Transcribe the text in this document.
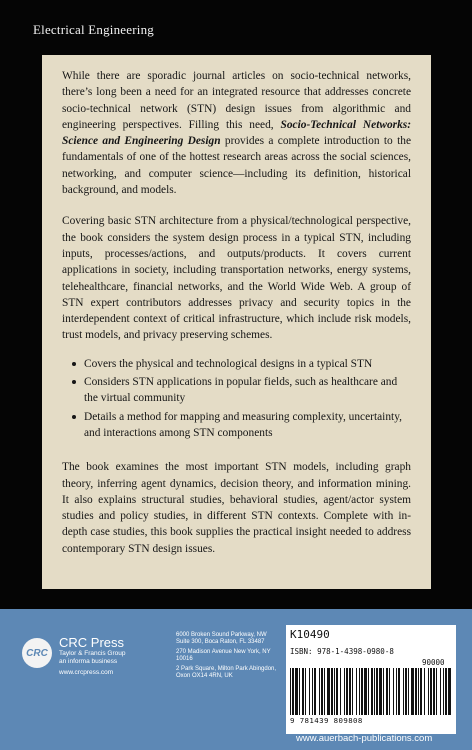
Electrical Engineering

While there are sporadic journal articles on socio-technical networks, there’s long been a need for an integrated resource that addresses concrete socio-technical network (STN) design issues from algorithmic and engineering perspectives. Filling this need, Socio-Technical Networks: Science and Engineering Design provides a complete introduction to the fundamentals of one of the hottest research areas across the social sciences, networking, and computer science—including its definition, historical background, and models.

Covering basic STN architecture from a physical/technological perspective, the book considers the system design process in a typical STN, including inputs, processes/actions, and outputs/products. It covers current applications in society, including transportation networks, energy systems, telehealthcare, financial networks, and the World Wide Web. A group of STN expert contributors addresses privacy and security topics in the interdependent context of critical infrastructure, which include risk models, trust models, and privacy preserving schemes.

Covers the physical and technological designs in a typical STN
Considers STN applications in popular fields, such as healthcare and the virtual community
Details a method for mapping and measuring complexity, uncertainty, and interactions among STN components

The book examines the most important STN models, including graph theory, inferring agent dynamics, decision theory, and information mining. It also explains structural studies, behavioral studies, agent/actor system studies and policy studies, in different STN contexts. Complete with in-depth case studies, this book supplies the practical insight needed to address contemporary STN design issues.

CRC
CRC Press
Taylor & Francis Group
an informa business
www.crcpress.com
6000 Broken Sound Parkway, NW Suite 300, Boca Raton, FL 33487
270 Madison Avenue New York, NY 10016
2 Park Square, Milton Park Abingdon, Oxon OX14 4RN, UK
K10490
ISBN: 978-1-4398-0980-8
90000
9 781439 809808
www.auerbach-publications.com
